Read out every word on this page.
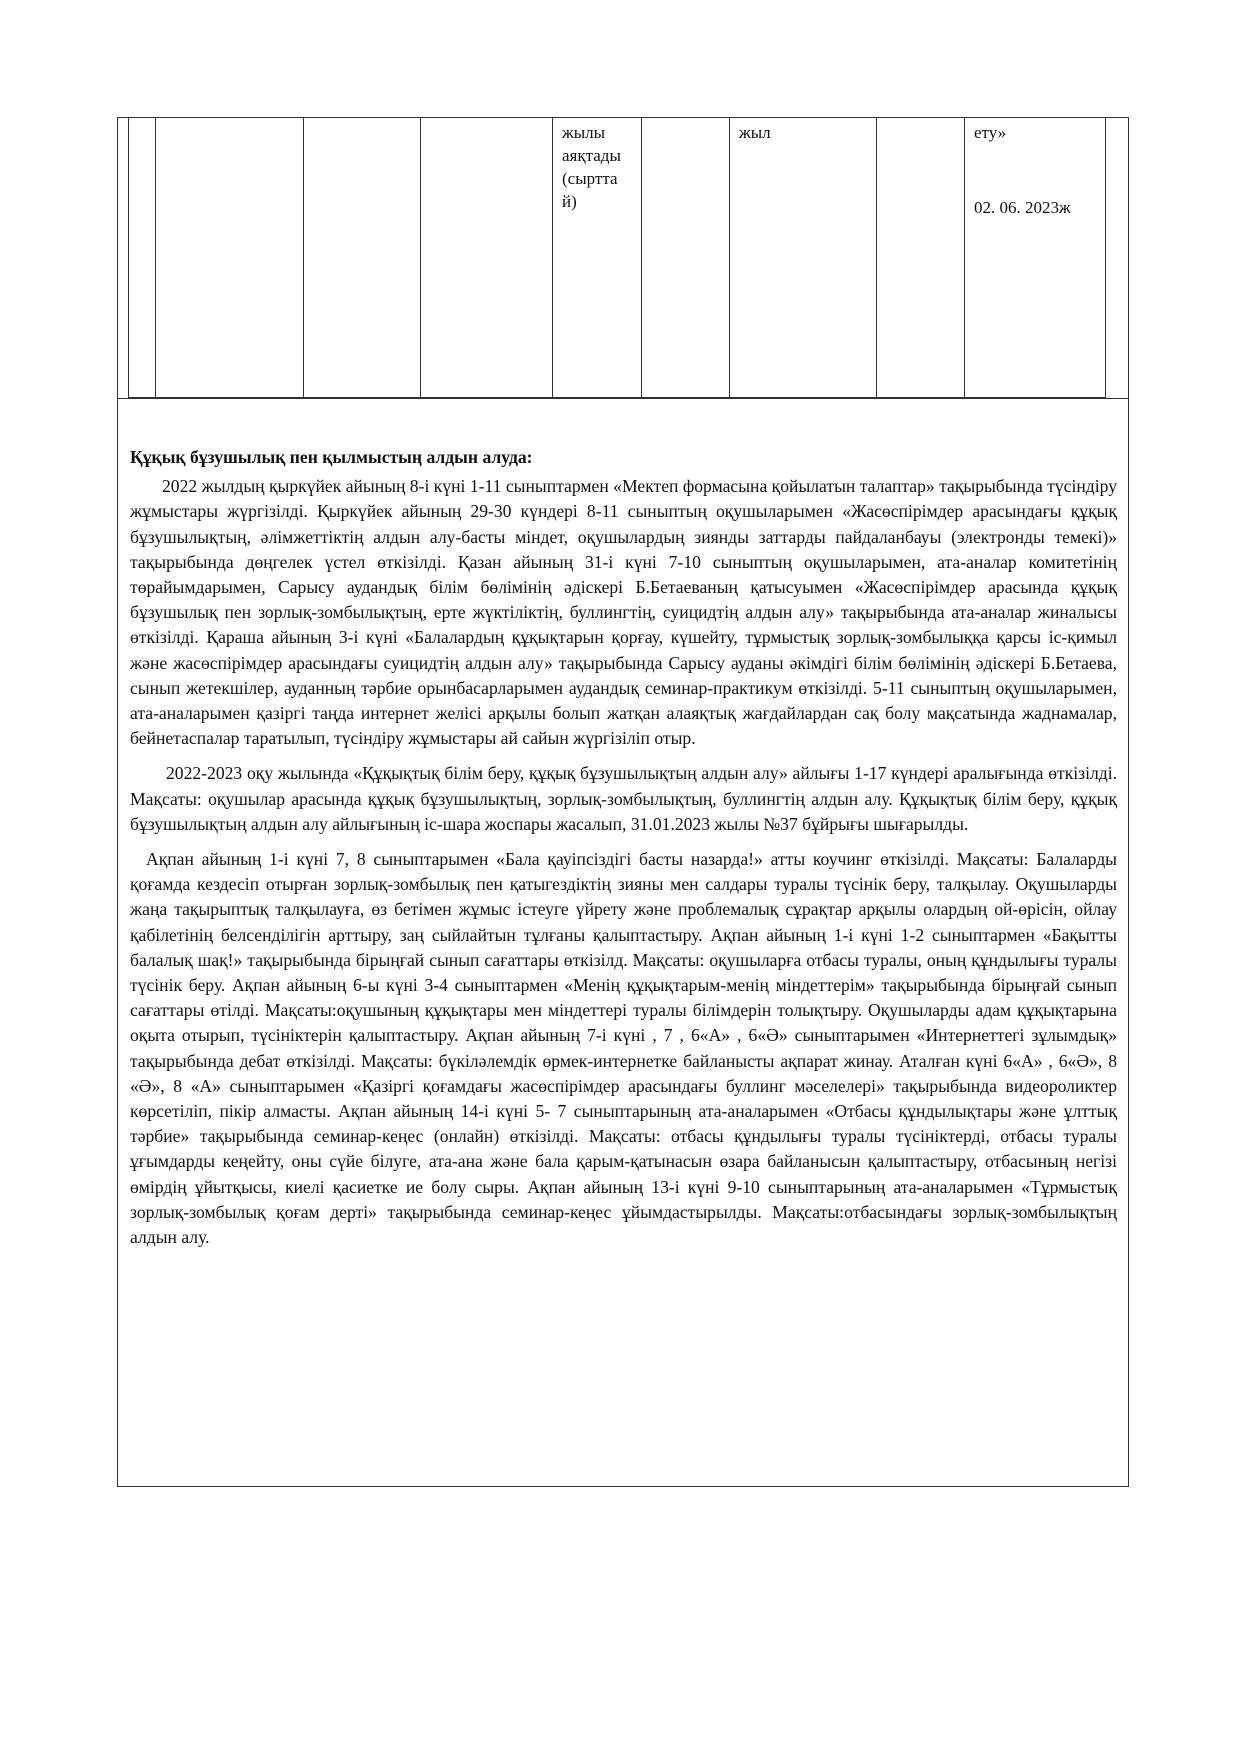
жылы
аяқтады
(сыртта
й)
жыл	ету»
02. 06. 2023ж

Құқық бұзушылық пен қылмыстың алдын алуда:

2022 жылдың қыркүйек айының 8-і күні 1-11 сыныптармен «Мектеп формасына қойылатын талаптар» тақырыбында түсіндіру жұмыстары жүргізілді. Қыркүйек айының 29-30 күндері 8-11 сыныптың оқушыларымен «Жасөспірімдер арасындағы құқық бұзушылықтың, әлімжеттіктің алдын алу-басты міндет, оқушылардың зиянды заттарды пайдаланбауы (электронды темекі)» тақырыбында дөңгелек үстел өткізілді. Қазан айының 31-і күні 7-10 сыныптың оқушыларымен, ата-аналар комитетінің төрайымдарымен, Сарысу аудандық білім бөлімінің әдіскері Б.Бетаеваның қатысуымен «Жасөспірімдер арасында құқық бұзушылық пен зорлық-зомбылықтың, ерте жүктіліктің, буллингтің, суицидтің алдын алу» тақырыбында ата-аналар жиналысы өткізілді. Қараша айының 3-і күні «Балалардың құқықтарын қорғау, күшейту, тұрмыстық зорлық-зомбылыққа қарсы іс-қимыл және жасөспірімдер арасындағы суицидтің алдын алу» тақырыбында Сарысу ауданы әкімдігі білім бөлімінің әдіскері Б.Бетаева, сынып жетекшілер, ауданның тәрбие орынбасарларымен аудандық семинар-практикум өткізілді. 5-11 сыныптың оқушыларымен, ата-аналарымен қазіргі таңда интернет желісі арқылы болып жатқан алаяқтық жағдайлардан сақ болу мақсатында жаднамалар, бейнетаспалар таратылып, түсіндіру жұмыстары ай сайын жүргізіліп отыр.

2022-2023 оқу жылында «Құқықтық білім беру, құқық бұзушылықтың алдын алу» айлығы 1-17 күндері аралығында өткізілді. Мақсаты: оқушылар арасында құқық бұзушылықтың, зорлық-зомбылықтың, буллингтің алдын алу. Құқықтық білім беру, құқық бұзушылықтың алдын алу айлығының іс-шара жоспары жасалып, 31.01.2023 жылы №37 бұйрығы шығарылды.

Ақпан айының 1-і күні 7, 8 сыныптарымен «Бала қауіпсіздігі басты назарда!» атты коучинг өткізілді. Мақсаты: Балаларды қоғамда кездесіп отырған зорлық-зомбылық пен қатыгездіктің зияны мен салдары туралы түсінік беру, талқылау. Оқушыларды жаңа тақырыптық талқылауға, өз бетімен жұмыс істеуге үйрету және проблемалық сұрақтар арқылы олардың ой-өрісін, ойлау қабілетінің белсенділігін арттыру, заң сыйлайтын тұлғаны қалыптастыру. Ақпан айының 1-і күні 1-2 сыныптармен «Бақытты балалық шақ!» тақырыбында бірыңғай сынып сағаттары өткізілд. Мақсаты: оқушыларға отбасы туралы, оның құндылығы туралы түсінік беру. Ақпан айының 6-ы күні 3-4 сыныптармен «Менің құқықтарым-менің міндеттерім» тақырыбында бірыңғай сынып сағаттары өтілді. Мақсаты:оқушының құқықтары мен міндеттері туралы білімдерін толықтыру. Оқушыларды адам құқықтарына оқыта отырып, түсініктерін қалыптастыру. Ақпан айының 7-і күні , 7 , 6«А» , 6«Ә» сыныптарымен «Интернеттегі зұлымдық» тақырыбында дебат өткізілді. Мақсаты: бүкіләлемдік өрмек-интернетке байланысты ақпарат жинау. Аталған күні 6«А» , 6«Ә», 8 «Ә», 8 «А» сыныптарымен «Қазіргі қоғамдағы жасөспірімдер арасындағы буллинг мәселелері» тақырыбында видеороликтер көрсетіліп, пікір алмасты. Ақпан айының 14-і күні 5- 7 сыныптарының ата-аналарымен «Отбасы құндылықтары және ұлттық тәрбие» тақырыбында семинар-кеңес (онлайн) өткізілді. Мақсаты: отбасы құндылығы туралы түсініктерді, отбасы туралы ұғымдарды кеңейту, оны сүйе білуге, ата-ана және бала қарым-қатынасын өзара байланысын қалыптастыру, отбасының негізі өмірдің ұйытқысы, киелі қасиетке ие болу сыры. Ақпан айының 13-і күні 9-10 сыныптарының ата-аналарымен «Тұрмыстық зорлық-зомбылық қоғам дерті» тақырыбында семинар-кеңес ұйымдастырылды. Мақсаты:отбасындағы зорлық-зомбылықтың алдын алу.
